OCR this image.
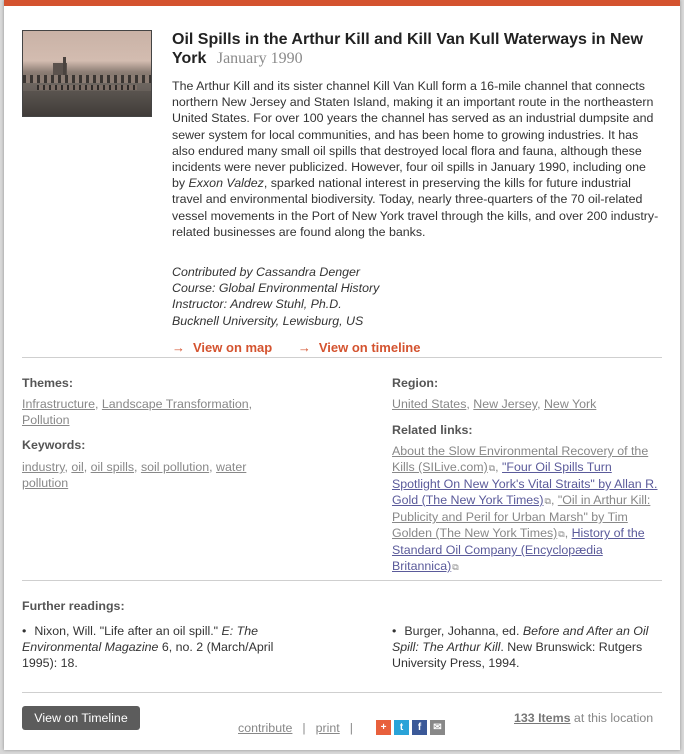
Oil Spills in the Arthur Kill and Kill Van Kull Waterways in New York January 1990
The Arthur Kill and its sister channel Kill Van Kull form a 16-mile channel that connects northern New Jersey and Staten Island, making it an important route in the northeastern United States. For over 100 years the channel has served as an industrial dumpsite and sewer system for local communities, and has been home to growing industries. It has also endured many small oil spills that destroyed local flora and fauna, although these incidents were never publicized. However, four oil spills in January 1990, including one by Exxon Valdez, sparked national interest in preserving the kills for future industrial travel and environmental biodiversity. Today, nearly three-quarters of the 70 oil-related vessel movements in the Port of New York travel through the kills, and over 200 industry-related businesses are found along the banks.
Contributed by Cassandra Denger
Course: Global Environmental History
Instructor: Andrew Stuhl, Ph.D.
Bucknell University, Lewisburg, US
→ View on map → View on timeline
Themes:
Infrastructure, Landscape Transformation, Pollution
Keywords:
industry, oil, oil spills, soil pollution, water pollution
Region:
United States, New Jersey, New York
Related links:
About the Slow Environmental Recovery of the Kills (SILive.com)⧉, "Four Oil Spills Turn Spotlight On New York's Vital Straits" by Allan R. Gold (The New York Times)⧉, "Oil in Arthur Kill: Publicity and Peril for Urban Marsh" by Tim Golden (The New York Times)⧉, History of the Standard Oil Company (Encyclopædia Britannica)⧉
Further readings:
• Nixon, Will. "Life after an oil spill." E: The Environmental Magazine 6, no. 2 (March/April 1995): 18.
• Burger, Johanna, ed. Before and After an Oil Spill: The Arthur Kill. New Brunswick: Rutgers University Press, 1994.
View on Timeline
contribute | print |	+	t	f	✉
133 Items at this location
